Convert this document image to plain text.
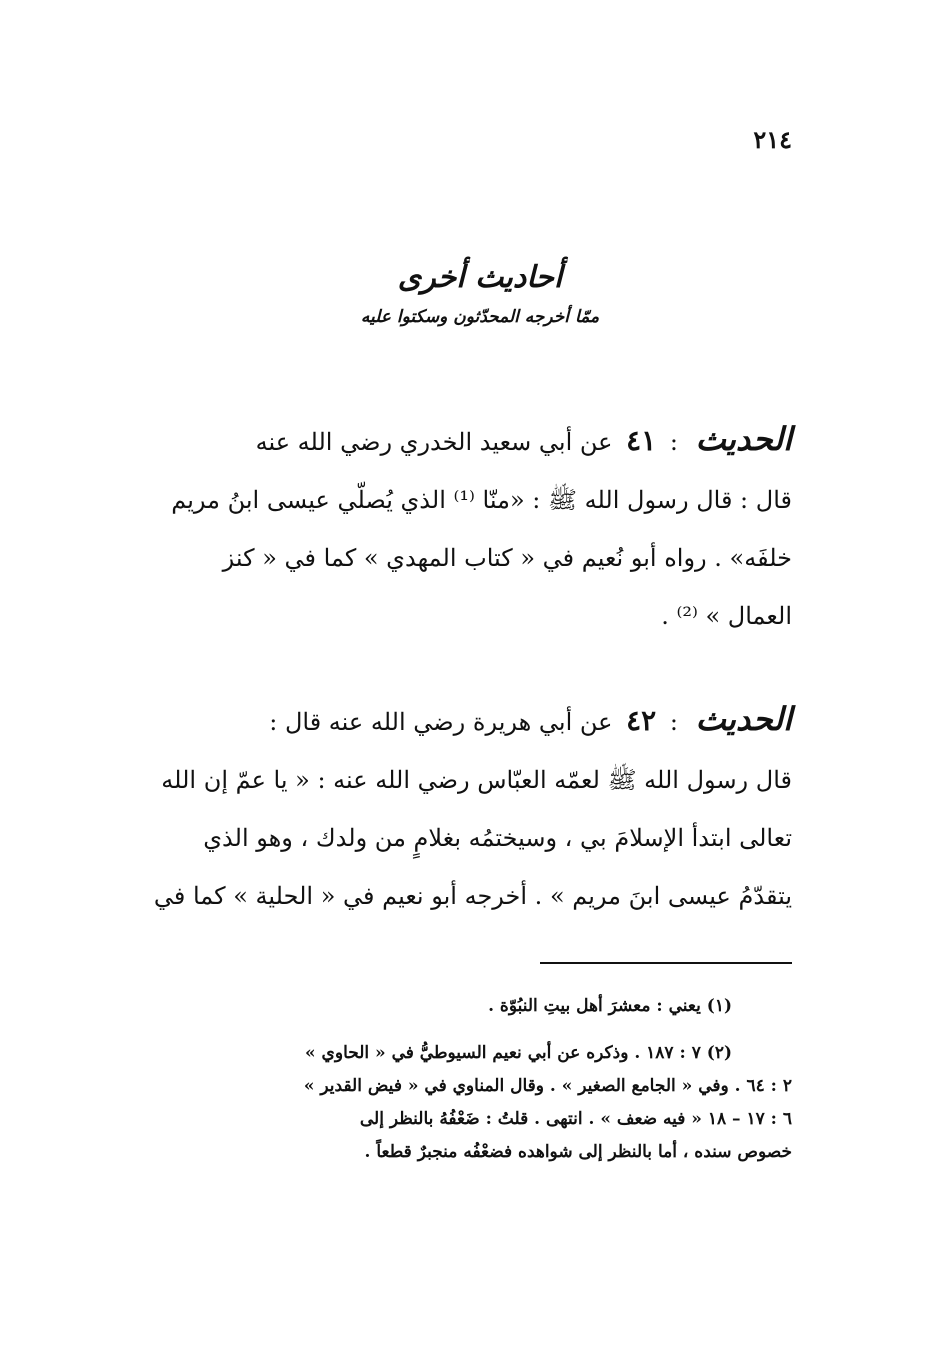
٢١٤
أحاديث أخرى
ممّا أخرجه المحدّثون وسكتوا عليه
الحديث : ٤١ عن أبي سعيد الخدري رضي الله عنه
قال : قال رسول الله ﷺ : «منّا ⁽¹⁾ الذي يُصلّي عيسى ابنُ مريم
خلفَه» . رواه أبو نُعيم في « كتاب المهدي » كما في « كنز
العمال » ⁽²⁾ .
الحديث : ٤٢ عن أبي هريرة رضي الله عنه قال :
قال رسول الله ﷺ لعمّه العبّاس رضي الله عنه : « يا عمّ إن الله
تعالى ابتدأ الإسلامَ بي ، وسيختمُه بغلامٍ من ولدك ، وهو الذي
يتقدّمُ عيسى ابنَ مريم » . أخرجه أبو نعيم في « الحلية » كما في
(١) يعني : معشرَ أهل بيتِ النبُوّة .
(٢) ٧ : ١٨٧ . وذكره عن أبي نعيم السيوطيُّ في « الحاوي »
٢ : ٦٤ . وفي « الجامع الصغير » . وقال المناوي في « فيض القدير »
٦ : ١٧ – ١٨ « فيه ضعف » . انتهى . قلتُ : ضَعْفُهُ بالنظر إلى
خصوص سنده ، أما بالنظر إلى شواهده فضعْفُه منجبرٌ قطعاً .
